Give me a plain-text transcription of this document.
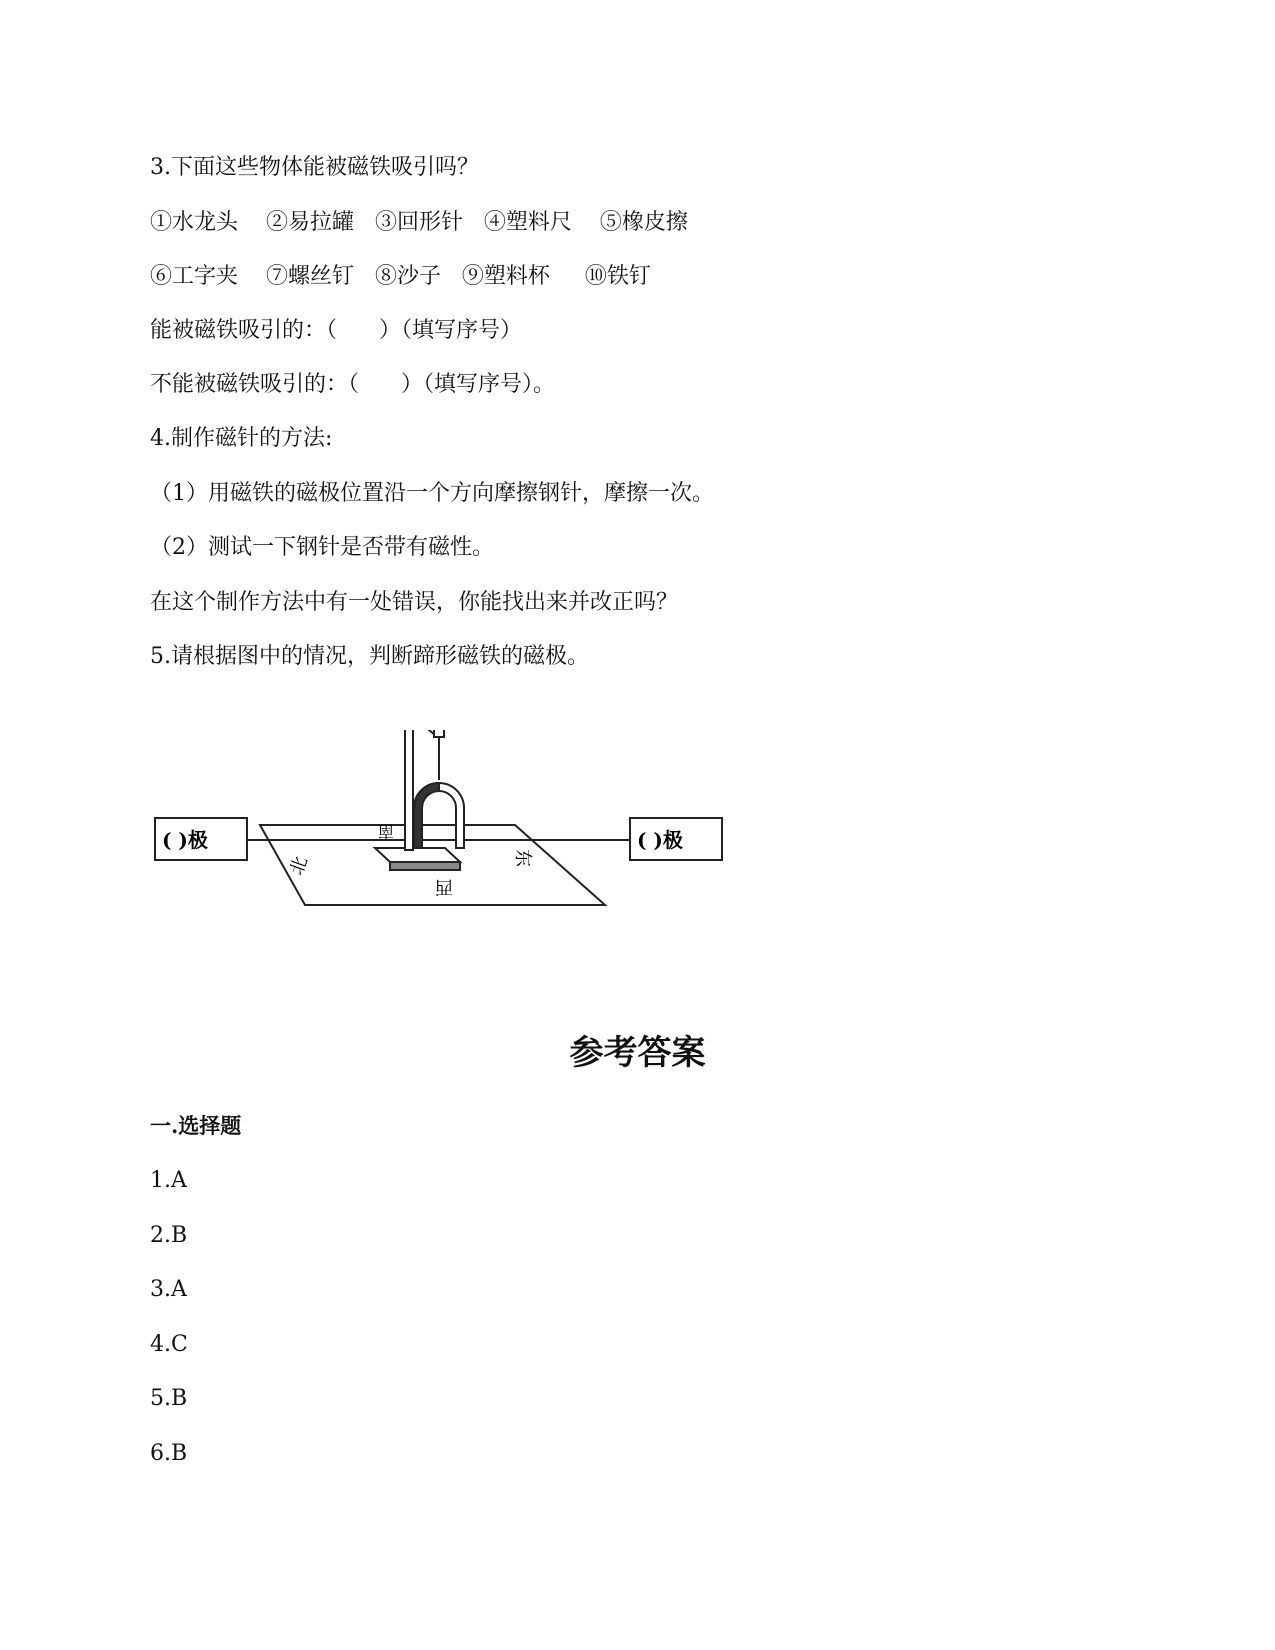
3.下面这些物体能被磁铁吸引吗？
①水龙头    ②易拉罐   ③回形针   ④塑料尺    ⑤橡皮擦
⑥工字夹    ⑦螺丝钉   ⑧沙子   ⑨塑料杯     ⑩铁钉
能被磁铁吸引的：（      ）（填写序号）
不能被磁铁吸引的：（      ）（填写序号）。
4.制作磁针的方法:
（1）用磁铁的磁极位置沿一个方向摩擦钢针，摩擦一次。
（2）测试一下钢针是否带有磁性。
在这个制作方法中有一处错误，你能找出来并改正吗？
5.请根据图中的情况，判断蹄形磁铁的磁极。
( )极	( )极
北
南
东
西
参考答案
一.选择题
1.A
2.B
3.A
4.C
5.B
6.B
